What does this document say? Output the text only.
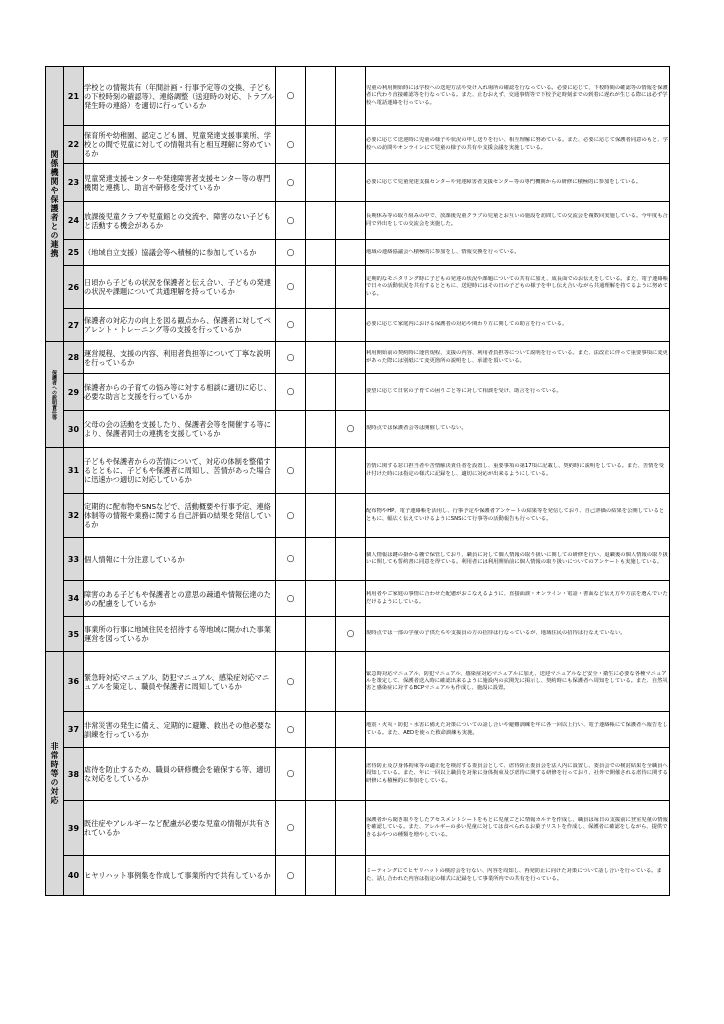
関係機関や保護者との連携	21	学校との情報共有（年間計画・行事予定等の交換、子どもの下校時刻の確認等）、連絡調整（送迎時の対応、トラブル発生時の連絡）を適切に行っているか	○			児童の利用開始時には学校への送迎方法や受け入れ場所の確認を行なっている。必要に応じて、下校時間の確認等の情報を保護者に代わり直接確認等を行なっている。また、止むおえず、交通事情等で下校予定時刻までの到着に遅れが生じる際には必ず学校へ電話連絡を行っている。

	22	保育所や幼稚園、認定こども園、児童発達支援事業所、学校との間で児童に対しての情報共有と相互理解に努めているか	○			必要に応じて送迎時に児童の様子や状況の申し送りを行い、相互理解に努めている。また、必要に応じて保護者同意のもと、学校への訪問やオンラインにて児童の様子の共有や支援会議を実施している。

	23	児童発達支援センターや発達障害者支援センター等の専門機関と連携し、助言や研修を受けているか	○			必要に応じて児童発達支援センターや発達障害者支援センター等の専門機関からの研修に積極的に参加をしている。

	24	放課後児童クラブや児童館との交流や、障害のない子どもと活動する機会があるか	○			長期休み等の取り組みの中で、放課後児童クラブの児童とお互いの施設を訪問しての交流会を複数回実施している。今年度も合同で外出をしての交流会を実施した。

	25	（地域自立支援）協議会等へ積極的に参加しているか	○			地域の連絡協議会へ積極的に参加をし、情報交換を行っている。

	26	日頃から子どもの状況を保護者と伝え合い、子どもの発達の状況や課題について共通理解を持っているか	○			定期的なモニタリング時に子どもの発達の状況や課題についての共有に加え、成長面でのお伝えをしている。また、電子連絡帳で日々の活動状況を共有するとともに、送迎時にはその日の子どもの様子を申し伝え合いながら共通理解を持てるように努めている。

	27	保護者の対応力の向上を図る観点から、保護者に対してペアレント・トレーニング等の支援を行っているか	○			必要に応じて家庭内における保護者の対応や関わり方に関しての助言を行っている。

保護者への説明責任等	28	運営規程、支援の内容、利用者負担等について丁寧な説明を行っているか	○			利用開始前の契約時に運営規程、支援の内容、利用者負担等について説明を行っている。また、法改正に伴って重要事項に変更があった際には別紙にて変更箇所の説明をし、承諾を頂いている。

	29	保護者からの子育ての悩み等に対する相談に適切に応じ、必要な助言と支援を行っているか	○			要望に応じて日常の子育ての困りごと等に対して相談を受け、助言を行っている。

	30	父母の会の活動を支援したり、保護者会等を開催する等により、保護者同士の連携を支援しているか			○	現時点では保護者会等は開催していない。

	31	子どもや保護者からの苦情について、対応の体制を整備するとともに、子どもや保護者に周知し、苦情があった場合に迅速かつ適切に対応しているか	○			苦情に関する窓口担当者や苦情解決責任者を設置し、重要事項の第17項に記載し、契約時に説明をしている。また、苦情を受け付けた時には指定の様式に記録をし、適切に対応が出来るようにしている。

	32	定期的に配布物やSNSなどで、活動概要や行事予定、連絡体制等の情報や業務に関する自己評価の結果を発信しているか	○			配布物やHP、電子連絡帳を活用し、行事予定や保護者アンケートの結果等を発信しており、自己評価の結果を公開しているとともに、幅広く伝えていけるようにSNSにて行事等の活動報告も行っている。

	33	個人情報に十分注意しているか	○			個人情報は鍵の掛かる棚で保管しており、職員に対して個人情報の取り扱いに関しての研修を行い、退職後の個人情報の取り扱いに関しても誓約書に同意を得ている。利用者には利用開始前に個人情報の取り扱いについてのアンケートも実施している。

	34	障害のある子どもや保護者との意思の疎通や情報伝達のための配慮をしているか	○			利用者やご家庭の事情に合わせた配慮がおこなえるように、直接面談・オンライン・電話・書面など伝え方や方法を選んでいただけるようにしている。

	35	事業所の行事に地域住民を招待する等地域に開かれた事業運営を図っているか			○	現時点では一部の学童の子供たちや支援員の方の招待は行なっているが、地域住民の招待は行なえていない。

非常時等の対応	36	緊急時対応マニュアル、防犯マニュアル、感染症対応マニュアルを策定し、職員や保護者に周知しているか	○			緊急時対応マニュアル、防犯マニュアル、感染症対応マニュアルに加え、送迎マニュアルなど安全・衛生に必要な各種マニュアルを策定して、保護者送入時に確認出来るように施設内の玄関先に掲示し、契約時にも保護者へ周知をしている。また、自然災害と感染症に対するBCPマニュアルも作成し、施設に設置。

	37	非常災害の発生に備え、定期的に避難、救出その他必要な訓練を行っているか	○			地震・火災・防犯・水害に備えた対策についての話し合いや避難訓練を年に各一回以上行い、電子連絡帳にて保護者へ報告をしている。また、AEDを使った救命訓練も実施。

	38	虐待を防止するため、職員の研修機会を確保する等、適切な対応をしているか	○			虐待防止及び身体拘束等の適正化を検討する委員会として、虐待防止委員会を法人内に設置し、委員会での検討結果を全職員へ周知している。また、年に一回以上職員を対象に身体拘束及び虐待に関する研修を行っており、社外で開催される虐待に関する研修にも積極的に参加をしている。

	39	既往症やアレルギーなど配慮が必要な児童の情報が共有されているか	○			保護者から聞き取りをしたアセスメントシートをもとに児童ごとに情報カルテを作成し、職員は毎日の支援前に登室児童の情報を確認している。また、アレルギーの多い児童に対しては食べられるお菓子リストを作成し、保護者に確認をしながら、提供できるおやつの種類を増やしている。

	40	ヒヤリハット事例集を作成して事業所内で共有しているか	○			ミーティングにてヒヤリハットの検討会を行ない、内容を周知し、再発防止に向けた対策について話し合いを行っている。また、話し合われた内容は指定の様式に記録をして事業所内での共有を行っている。
